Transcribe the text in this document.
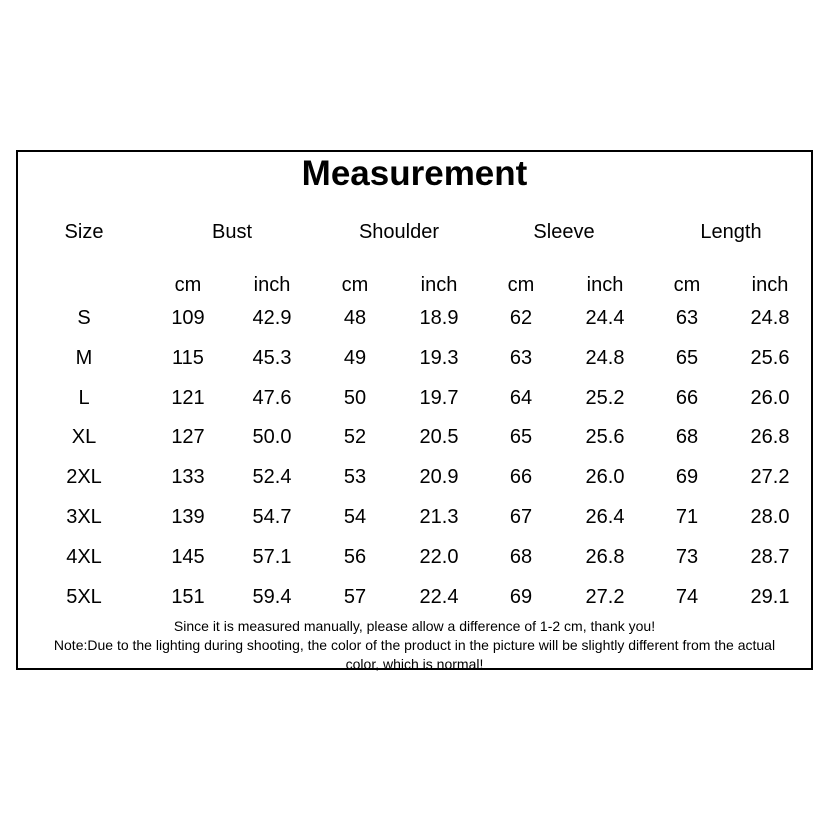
Measurement
Size	Bust	Shoulder	Sleeve	Length
cm	inch	cm	inch	cm	inch	cm	inch
S	109	42.9	48	18.9	62	24.4	63	24.8
M	115	45.3	49	19.3	63	24.8	65	25.6
L	121	47.6	50	19.7	64	25.2	66	26.0
XL	127	50.0	52	20.5	65	25.6	68	26.8
2XL	133	52.4	53	20.9	66	26.0	69	27.2
3XL	139	54.7	54	21.3	67	26.4	71	28.0
4XL	145	57.1	56	22.0	68	26.8	73	28.7
5XL	151	59.4	57	22.4	69	27.2	74	29.1
Since it is measured manually, please allow a difference of 1-2 cm, thank you!
Note:Due to the lighting during shooting, the color of the product in the picture will be slightly different from the actual
color, which is normal!
